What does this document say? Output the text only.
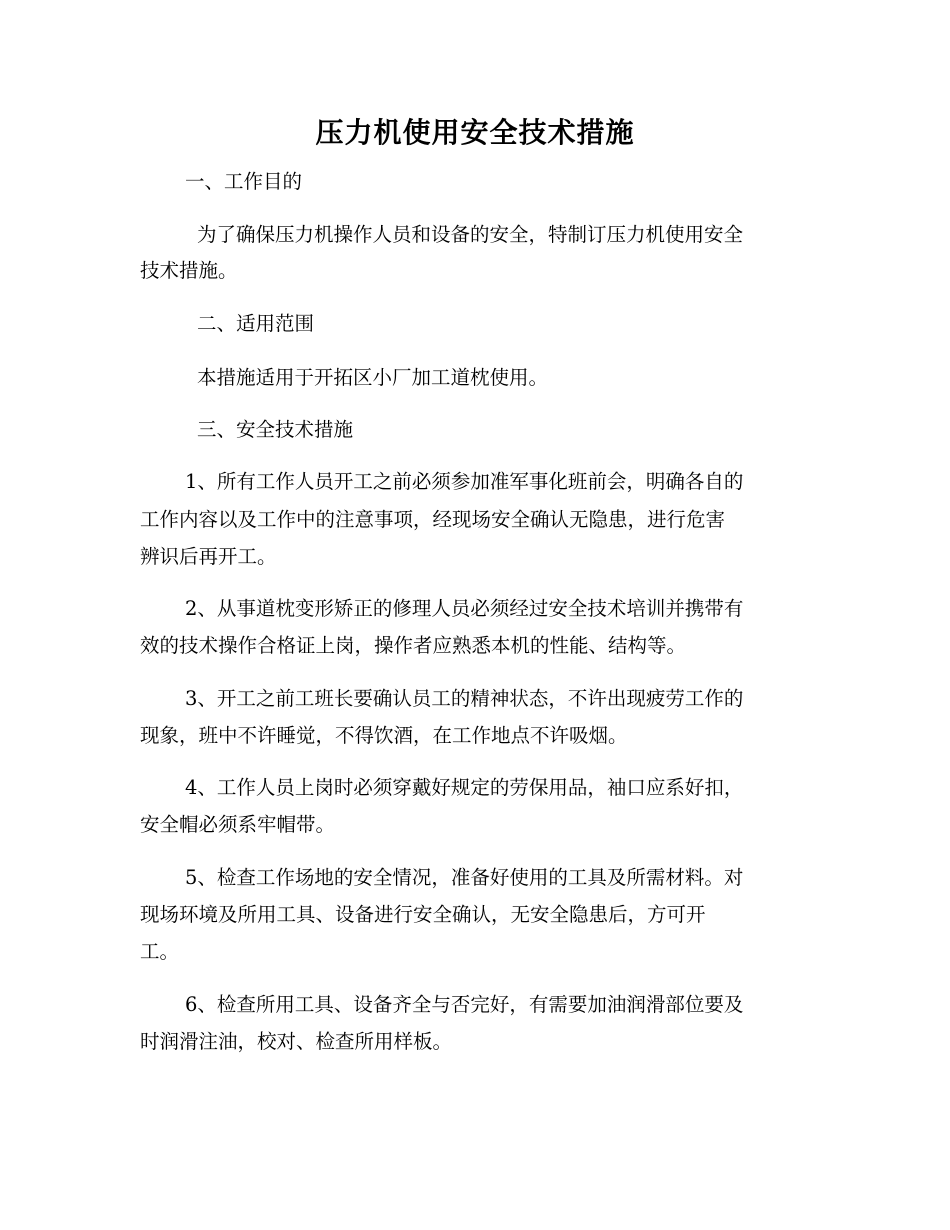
压力机使用安全技术措施

一、工作目的

为了确保压力机操作人员和设备的安全，特制订压力机使用安全

技术措施。

二、适用范围

本措施适用于开拓区小厂加工道枕使用。

三、安全技术措施

1、所有工作人员开工之前必须参加准军事化班前会，明确各自的

工作内容以及工作中的注意事项，经现场安全确认无隐患，进行危害

辨识后再开工。

2、从事道枕变形矫正的修理人员必须经过安全技术培训并携带有

效的技术操作合格证上岗，操作者应熟悉本机的性能、结构等。

3、开工之前工班长要确认员工的精神状态，不许出现疲劳工作的

现象，班中不许睡觉，不得饮酒，在工作地点不许吸烟。

4、工作人员上岗时必须穿戴好规定的劳保用品，袖口应系好扣，

安全帽必须系牢帽带。

5、检查工作场地的安全情况，准备好使用的工具及所需材料。对

现场环境及所用工具、设备进行安全确认，无安全隐患后，方可开

工。

6、检查所用工具、设备齐全与否完好，有需要加油润滑部位要及

时润滑注油，校对、检查所用样板。
